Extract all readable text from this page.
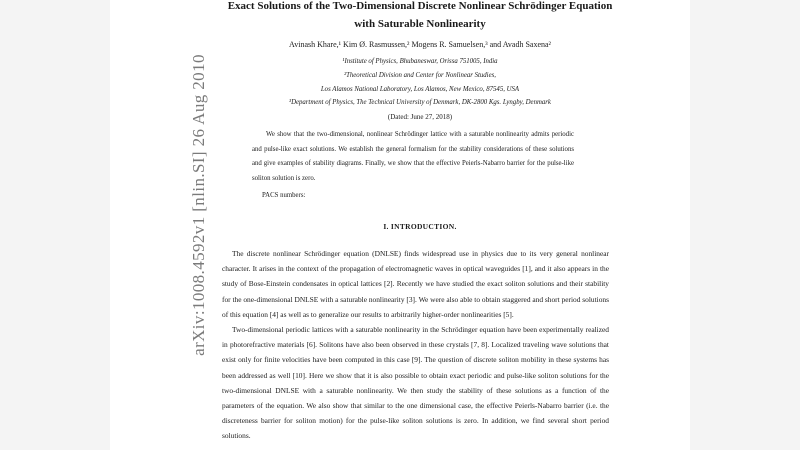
arXiv:1008.4592v1 [nlin.SI] 26 Aug 2010
Exact Solutions of the Two-Dimensional Discrete Nonlinear Schrödinger Equation
with Saturable Nonlinearity
Avinash Khare,¹ Kim Ø. Rasmussen,² Mogens R. Samuelsen,³ and Avadh Saxena²
¹Institute of Physics, Bhubaneswar, Orissa 751005, India
²Theoretical Division and Center for Nonlinear Studies,
Los Alamos National Laboratory, Los Alamos, New Mexico, 87545, USA
³Department of Physics, The Technical University of Denmark, DK-2800 Kgs. Lyngby, Denmark
(Dated: June 27, 2018)
We show that the two-dimensional, nonlinear Schrödinger lattice with a saturable nonlinearity admits periodic and pulse-like exact solutions. We establish the general formalism for the stability considerations of these solutions and give examples of stability diagrams. Finally, we show that the effective Peierls-Nabarro barrier for the pulse-like soliton solution is zero.
PACS numbers:
I. INTRODUCTION.

The discrete nonlinear Schrödinger equation (DNLSE) finds widespread use in physics due to its very general nonlinear character. It arises in the context of the propagation of electromagnetic waves in optical waveguides [1], and it also appears in the study of Bose-Einstein condensates in optical lattices [2]. Recently we have studied the exact soliton solutions and their stability for the one-dimensional DNLSE with a saturable nonlinearity [3]. We were also able to obtain staggered and short period solutions of this equation [4] as well as to generalize our results to arbitrarily higher-order nonlinearities [5].

Two-dimensional periodic lattices with a saturable nonlinearity in the Schrödinger equation have been experimentally realized in photorefractive materials [6]. Solitons have also been observed in these crystals [7, 8]. Localized traveling wave solutions that exist only for finite velocities have been computed in this case [9]. The question of discrete soliton mobility in these systems has been addressed as well [10]. Here we show that it is also possible to obtain exact periodic and pulse-like soliton solutions for the two-dimensional DNLSE with a saturable nonlinearity. We then study the stability of these solutions as a function of the parameters of the equation. We also show that similar to the one dimensional case, the effective Peierls-Nabarro barrier (i.e. the discreteness barrier for soliton motion) for the pulse-like soliton solutions is zero. In addition, we find several short period solutions.
